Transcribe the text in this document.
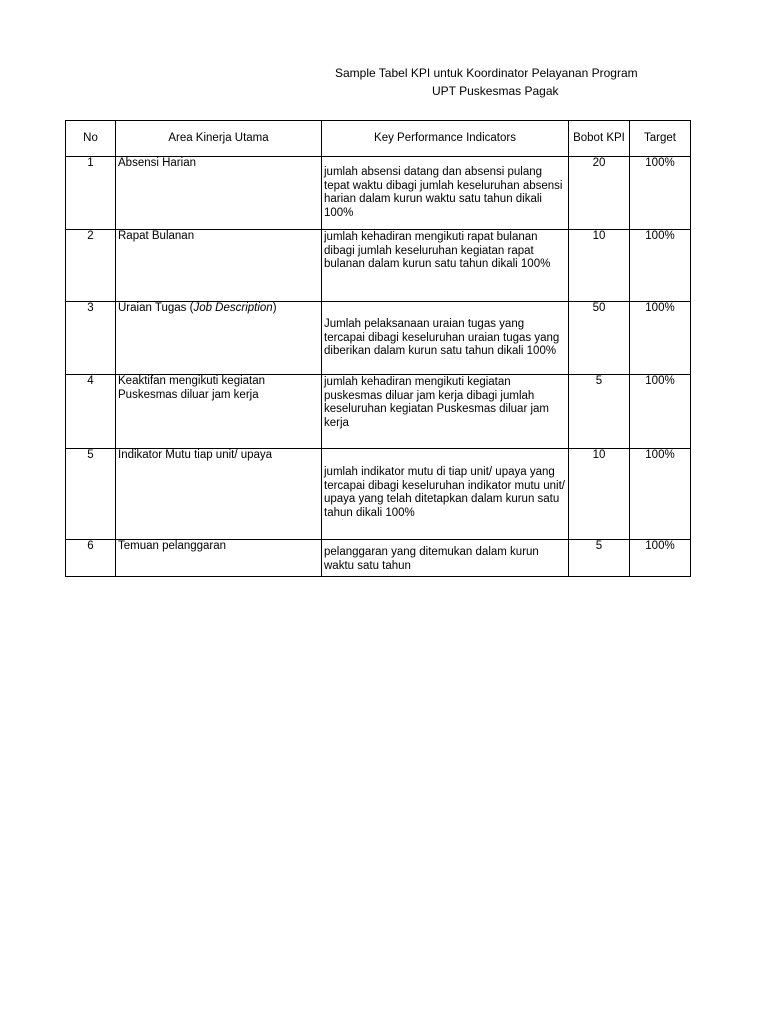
Sample Tabel KPI untuk Koordinator Pelayanan Program
UPT Puskesmas Pagak
No	Area Kinerja Utama	Key Performance Indicators	Bobot KPI	Target
1	Absensi Harian	jumlah absensi datang dan absensi pulang tepat waktu dibagi jumlah keseluruhan absensi harian dalam kurun waktu satu tahun dikali 100%	20	100%
2	Rapat Bulanan	jumlah kehadiran mengikuti rapat bulanan dibagi jumlah keseluruhan kegiatan rapat bulanan dalam kurun satu tahun dikali 100%	10	100%
3	Uraian Tugas (Job Description)	Jumlah pelaksanaan uraian tugas yang tercapai dibagi keseluruhan uraian tugas yang diberikan dalam kurun satu tahun dikali 100%	50	100%
4	Keaktifan mengikuti kegiatan Puskesmas diluar jam kerja	jumlah kehadiran mengikuti kegiatan puskesmas diluar jam kerja dibagi jumlah keseluruhan kegiatan Puskesmas diluar jam kerja	5	100%
5	Indikator Mutu tiap unit/ upaya	jumlah indikator mutu di tiap unit/ upaya yang tercapai dibagi keseluruhan indikator mutu unit/ upaya yang telah ditetapkan dalam kurun satu tahun dikali 100%	10	100%
6	Temuan pelanggaran	pelanggaran yang ditemukan dalam kurun waktu satu tahun	5	100%
